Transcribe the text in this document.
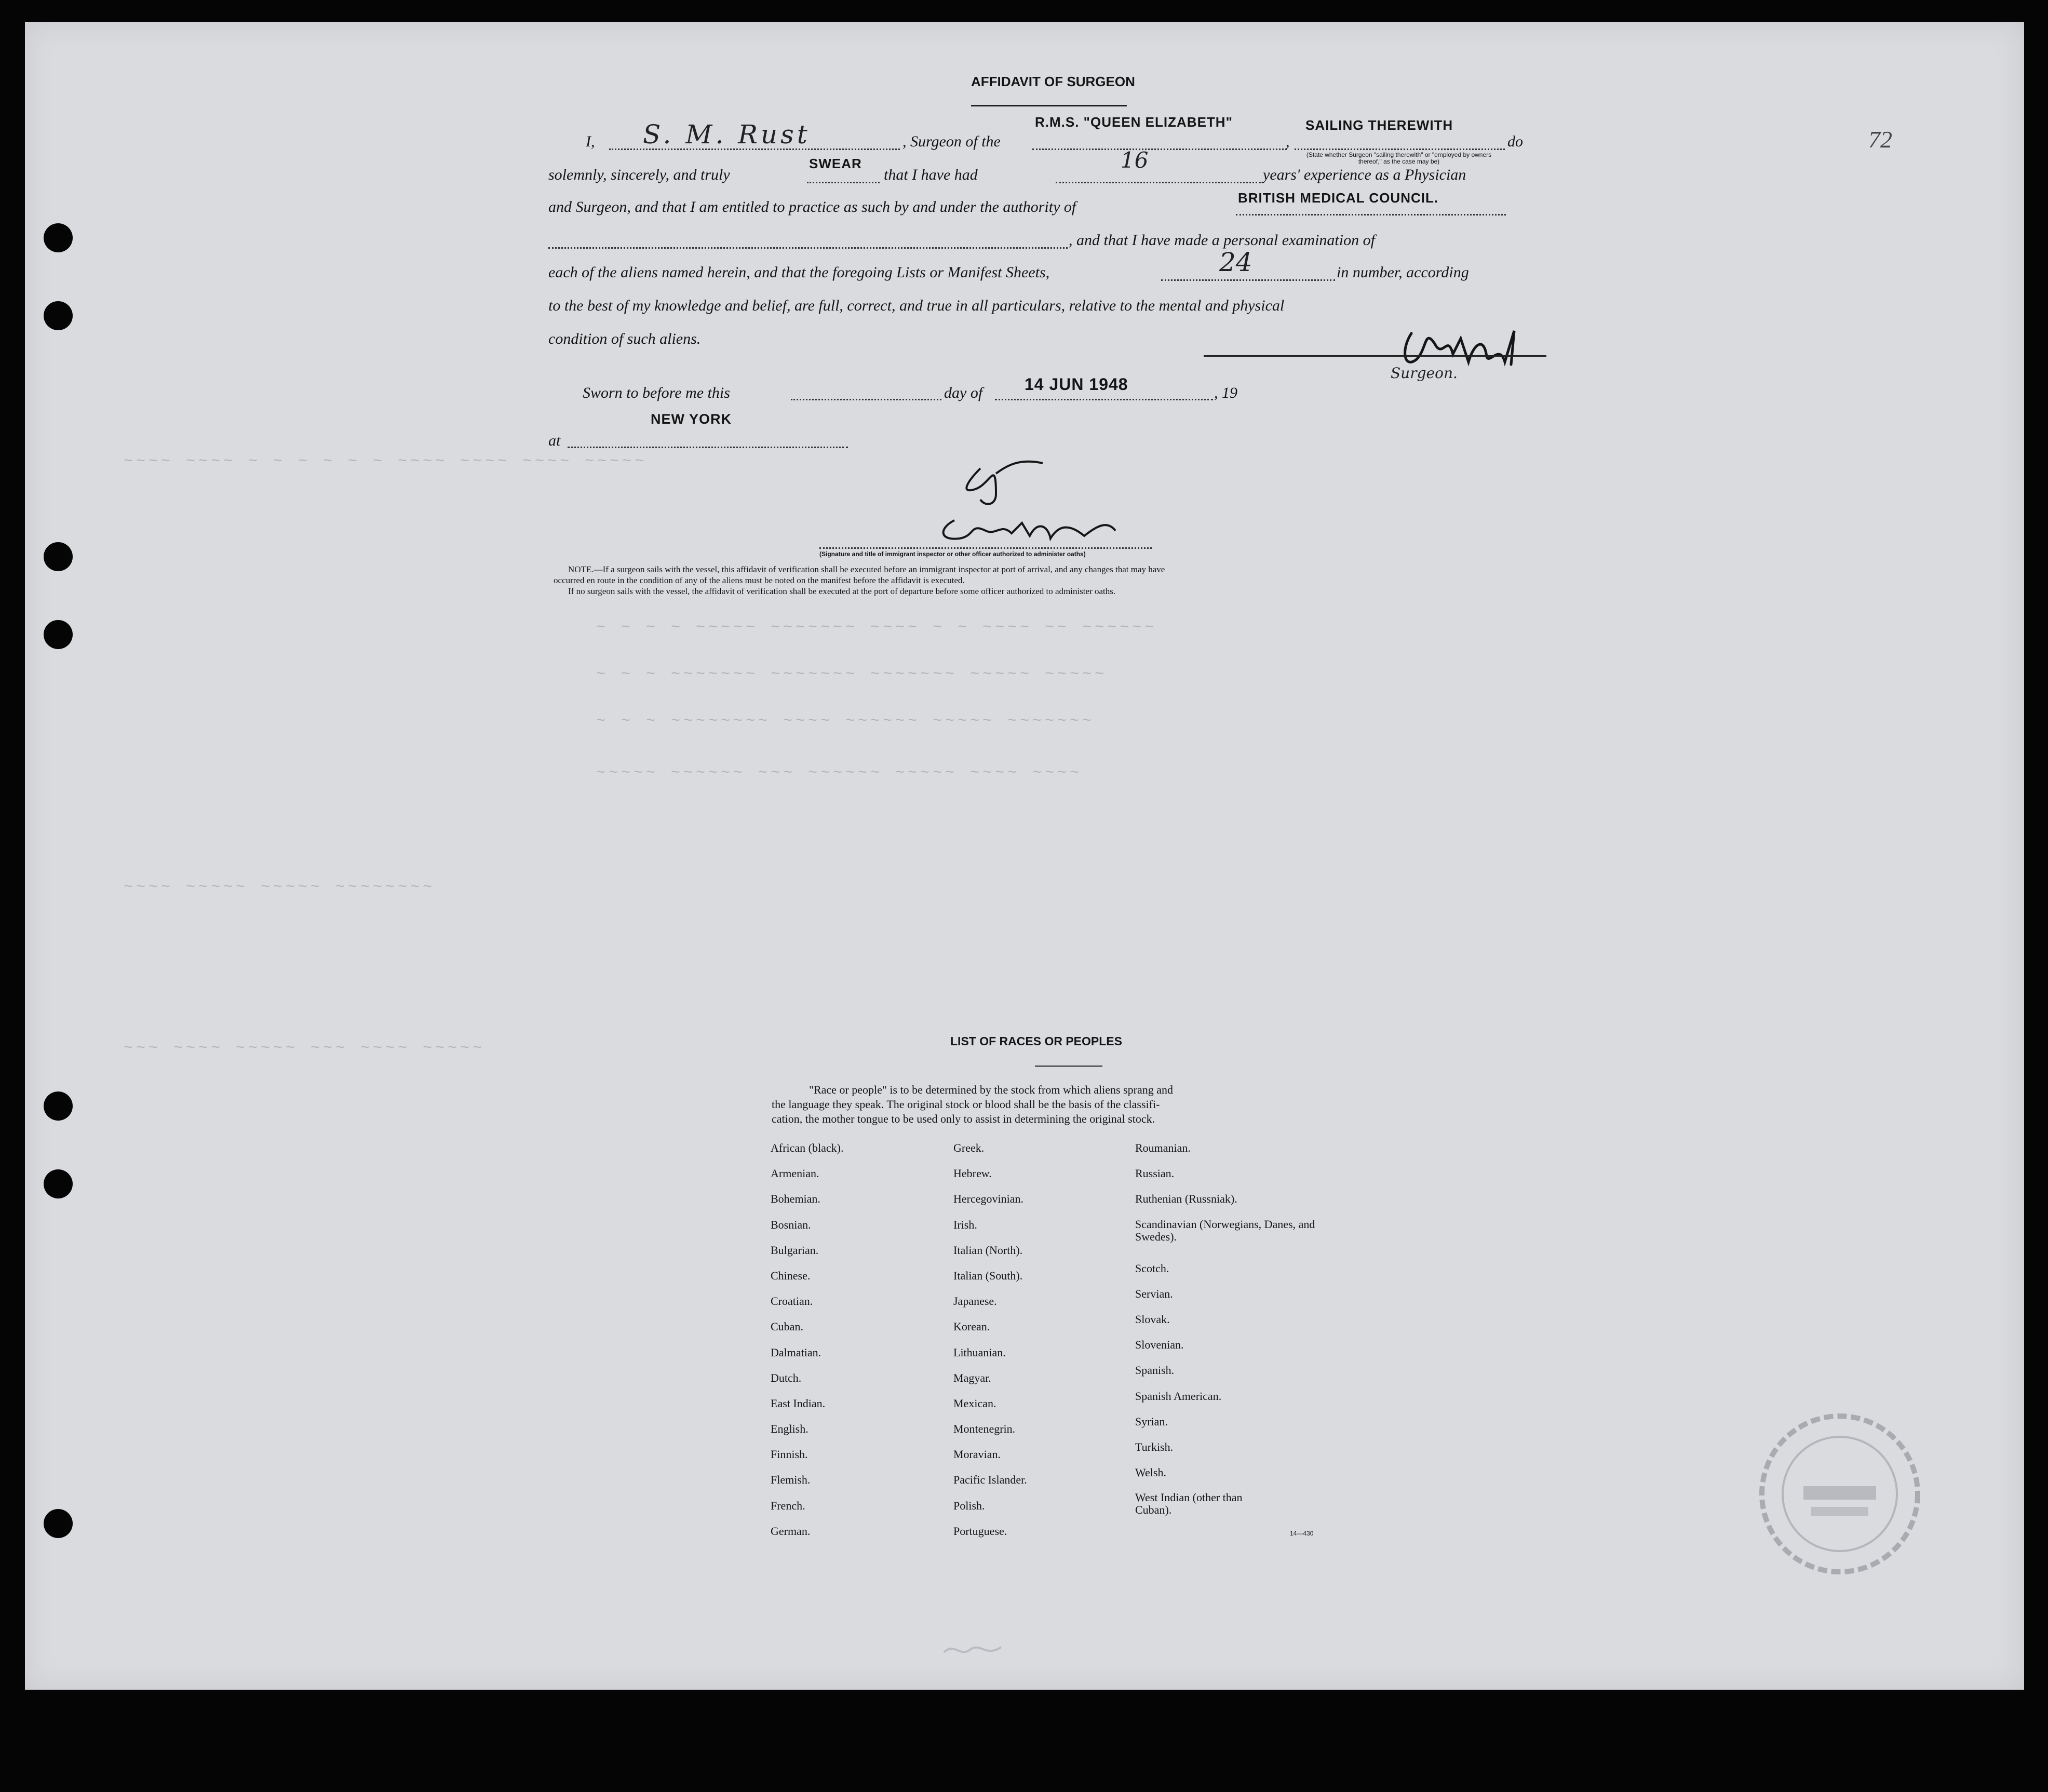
~~~~ ~~~~ ~ ~ ~ ~ ~ ~ ~~~~ ~~~~ ~~~~ ~~~~~
~ ~ ~ ~ ~~~~~ ~~~~~~~ ~~~~ ~ ~ ~~~~ ~~ ~~~~~~
~ ~ ~ ~~~~~~~ ~~~~~~~ ~~~~~~~ ~~~~~ ~~~~~
~ ~ ~ ~~~~~~~~ ~~~~ ~~~~~~ ~~~~~ ~~~~~~~
~~~~~ ~~~~~~ ~~~ ~~~~~~ ~~~~~ ~~~~ ~~~~
~~~~ ~~~~~ ~~~~~ ~~~~~~~~
~~~ ~~~~ ~~~~~ ~~~ ~~~~ ~~~~~
72
AFFIDAVIT OF SURGEON
I, S. M. Rust	, Surgeon of the
R.M.S. "QUEEN ELIZABETH"
,
SAILING THEREWITH
do
(State whether Surgeon "sailing therewith" or "employed by owners thereof," as the case may be)
solemnly, sincerely, and truly
SWEAR
that I have had
16
years' experience as a Physician
and Surgeon, and that I am entitled to practice as such by and under the authority of
BRITISH MEDICAL COUNCIL.
, and that I have made a personal examination of
each of the aliens named herein, and that the foregoing Lists or Manifest Sheets,	24	in number, according
to the best of my knowledge and belief, are full, correct, and true in all particulars, relative to the mental and physical
condition of such aliens.
Surgeon.
Sworn to before me this	day of	14 JUN 1948	, 19
NEW YORK
at
(Signature and title of immigrant inspector or other officer authorized to administer oaths)
NOTE.—If a surgeon sails with the vessel, this affidavit of verification shall be executed before an immigrant inspector at port of arrival, and any changes that may have
occurred en route in the condition of any of the aliens must be noted on the manifest before the affidavit is executed.
If no surgeon sails with the vessel, the affidavit of verification shall be executed at the port of departure before some officer authorized to administer oaths.
LIST OF RACES OR PEOPLES
"Race or people" is to be determined by the stock from which aliens sprang and
the language they speak. The original stock or blood shall be the basis of the classifi-
cation, the mother tongue to be used only to assist in determining the original stock.
African (black).
Armenian.
Bohemian.
Bosnian.
Bulgarian.
Chinese.
Croatian.
Cuban.
Dalmatian.
Dutch.
East Indian.
English.
Finnish.
Flemish.
French.
German.
Greek.
Hebrew.
Hercegovinian.
Irish.
Italian (North).
Italian (South).
Japanese.
Korean.
Lithuanian.
Magyar.
Mexican.
Montenegrin.
Moravian.
Pacific Islander.
Polish.
Portuguese.
Roumanian.
Russian.
Ruthenian (Russniak).
Scandinavian (Norwegians, Danes, and Swedes).
Scotch.
Servian.
Slovak.
Slovenian.
Spanish.
Spanish American.
Syrian.
Turkish.
Welsh.
West Indian (other than Cuban).
14—430
